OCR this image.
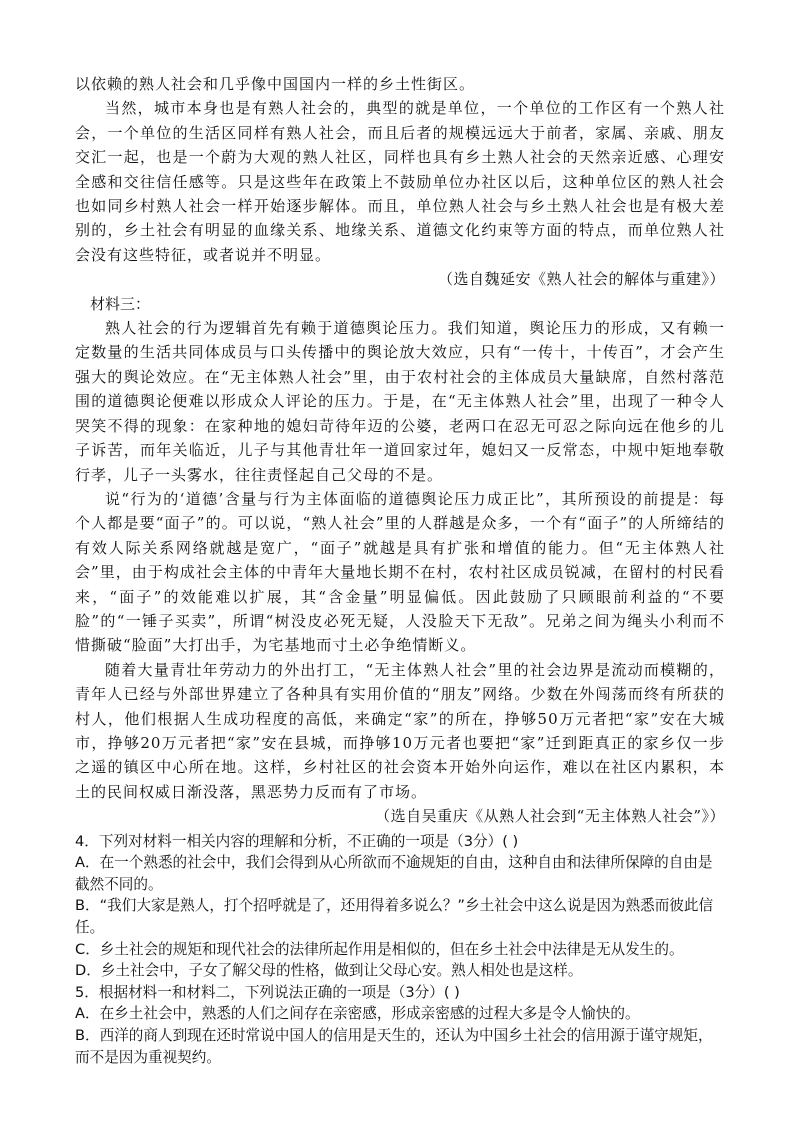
以依赖的熟人社会和几乎像中国国内一样的乡土性街区。

当然，城市本身也是有熟人社会的，典型的就是单位，一个单位的工作区有一个熟人社会，一个单位的生活区同样有熟人社会，而且后者的规模远远大于前者，家属、亲戚、朋友交汇一起，也是一个蔚为大观的熟人社区，同样也具有乡土熟人社会的天然亲近感、心理安全感和交往信任感等。只是这些年在政策上不鼓励单位办社区以后，这种单位区的熟人社会也如同乡村熟人社会一样开始逐步解体。而且，单位熟人社会与乡土熟人社会也是有极大差别的，乡土社会有明显的血缘关系、地缘关系、道德文化约束等方面的特点，而单位熟人社会没有这些特征，或者说并不明显。

（选自魏延安《熟人社会的解体与重建》）

材料三：

熟人社会的行为逻辑首先有赖于道德舆论压力。我们知道，舆论压力的形成，又有赖一定数量的生活共同体成员与口头传播中的舆论放大效应，只有“一传十，十传百”，才会产生强大的舆论效应。在“无主体熟人社会”里，由于农村社会的主体成员大量缺席，自然村落范围的道德舆论便难以形成众人评论的压力。于是，在“无主体熟人社会”里，出现了一种令人哭笑不得的现象：在家种地的媳妇苛待年迈的公婆，老两口在忍无可忍之际向远在他乡的儿子诉苦，而年关临近，儿子与其他青壮年一道回家过年，媳妇又一反常态，中规中矩地奉敬行孝，儿子一头雾水，往往责怪起自己父母的不是。

说“行为的‘道德’含量与行为主体面临的道德舆论压力成正比”，其所预设的前提是：每个人都是要“面子”的。可以说，“熟人社会”里的人群越是众多，一个有“面子”的人所缔结的有效人际关系网络就越是宽广，“面子”就越是具有扩张和增值的能力。但“无主体熟人社会”里，由于构成社会主体的中青年大量地长期不在村，农村社区成员锐减，在留村的村民看来，“面子”的效能难以扩展，其“含金量”明显偏低。因此鼓励了只顾眼前利益的“不要脸”的“一锤子买卖”，所谓“树没皮必死无疑，人没脸天下无敌”。兄弟之间为绳头小利而不惜撕破“脸面”大打出手，为宅基地而寸土必争绝情断义。

随着大量青壮年劳动力的外出打工，“无主体熟人社会”里的社会边界是流动而模糊的，青年人已经与外部世界建立了各种具有实用价值的“朋友”网络。少数在外闯荡而终有所获的村人，他们根据人生成功程度的高低，来确定“家”的所在，挣够50万元者把“家”安在大城市，挣够20万元者把“家”安在县城，而挣够10万元者也要把“家”迁到距真正的家乡仅一步之遥的镇区中心所在地。这样，乡村社区的社会资本开始外向运作，难以在社区内累积，本土的民间权威日渐没落，黑恶势力反而有了市场。

（选自吴重庆《从熟人社会到“无主体熟人社会”》）

4．下列对材料一相关内容的理解和分析，不正确的一项是（3分）( )

A．在一个熟悉的社会中，我们会得到从心所欲而不逾规矩的自由，这种自由和法律所保障的自由是截然不同的。

B．“我们大家是熟人，打个招呼就是了，还用得着多说么？”乡土社会中这么说是因为熟悉而彼此信任。

C．乡土社会的规矩和现代社会的法律所起作用是相似的，但在乡土社会中法律是无从发生的。

D．乡土社会中，子女了解父母的性格，做到让父母心安。熟人相处也是这样。

5．根据材料一和材料二，下列说法正确的一项是（3分）( )

A．在乡土社会中，熟悉的人们之间存在亲密感，形成亲密感的过程大多是令人愉快的。

B．西洋的商人到现在还时常说中国人的信用是天生的，还认为中国乡土社会的信用源于谨守规矩，而不是因为重视契约。
